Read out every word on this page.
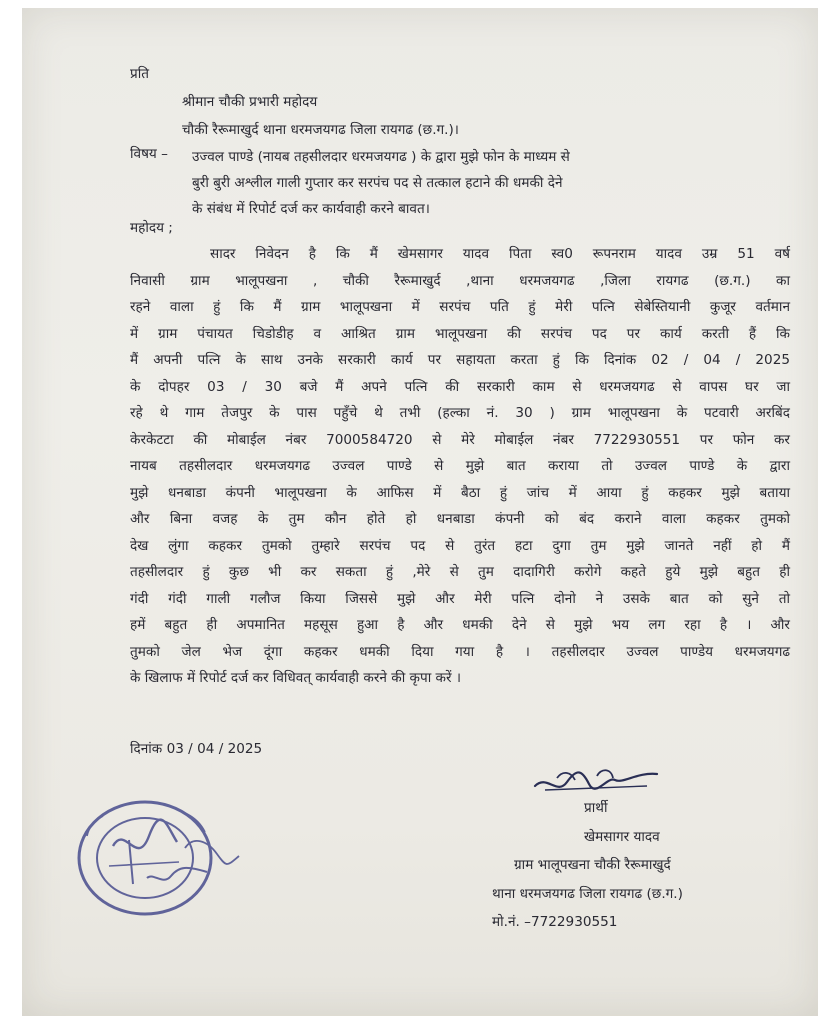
प्रति
श्रीमान चौकी प्रभारी महोदय
चौकी रैरूमाखुर्द थाना धरमजयगढ जिला रायगढ (छ.ग.)।
विषय –	उज्वल पाण्डे (नायब तहसीलदार धरमजयगढ ) के द्वारा मुझे फोन के माध्यम से
बुरी बुरी अश्लील गाली गुप्तार कर सरपंच पद से तत्काल हटाने की धमकी देने
के संबंध में रिपोर्ट दर्ज कर कार्यवाही करने बावत।
महोदय ;
सादर निवेदन है कि मैं खेमसागर यादव पिता स्व0 रूपनराम यादव उम्र 51 वर्ष
निवासी ग्राम भालूपखना , चौकी रैरूमाखुर्द ,थाना धरमजयगढ ,जिला रायगढ (छ.ग.) का
रहने वाला हुं कि मैं ग्राम भालूपखना में सरपंच पति हुं मेरी पत्नि सेबेस्तियानी कुजूर वर्तमान
में ग्राम पंचायत चिडोडीह व आश्रित ग्राम भालूपखना की सरपंच पद पर कार्य करती हैं कि
मैं अपनी पत्नि के साथ उनके सरकारी कार्य पर सहायता करता हुं कि दिनांक 02 / 04 / 2025
के दोपहर 03 / 30 बजे मैं अपने पत्नि की सरकारी काम से धरमजयगढ से वापस घर जा
रहे थे गाम तेजपुर के पास पहुँचे थे तभी (हल्का नं. 30 ) ग्राम भालूपखना के पटवारी अरबिंद
केरकेटटा की मोबाईल नंबर 7000584720 से मेरे मोबाईल नंबर 7722930551 पर फोन कर
नायब तहसीलदार धरमजयगढ उज्वल पाण्डे से मुझे बात कराया तो उज्वल पाण्डे के द्वारा
मुझे धनबाडा कंपनी भालूपखना के आफिस में बैठा हुं जांच में आया हुं कहकर मुझे बताया
और बिना वजह के तुम कौन होते हो धनबाडा कंपनी को बंद कराने वाला कहकर तुमको
देख लुंगा कहकर तुमको तुम्हारे सरपंच पद से तुरंत हटा दुगा तुम मुझे जानते नहीं हो मैं
तहसीलदार हुं कुछ भी कर सकता हुं ,मेरे से तुम दादागिरी करोगे कहते हुये मुझे बहुत ही
गंदी गंदी गाली गलौज किया जिससे मुझे और मेरी पत्नि दोनो ने उसके बात को सुने तो
हमें बहुत ही अपमानित महसूस हुआ है और धमकी देने से मुझे भय लग रहा है । और
तुमको जेल भेज दूंगा कहकर धमकी दिया गया है । तहसीलदार उज्वल पाण्डेय धरमजयगढ
के खिलाफ में रिपोर्ट दर्ज कर विधिवत् कार्यवाही करने की कृपा करें ।
दिनांक 03 / 04 / 2025
प्रार्थी
खेमसागर यादव
ग्राम भालूपखना चौकी रैरूमाखुर्द
थाना धरमजयगढ जिला रायगढ (छ.ग.)
मो.नं. –7722930551
